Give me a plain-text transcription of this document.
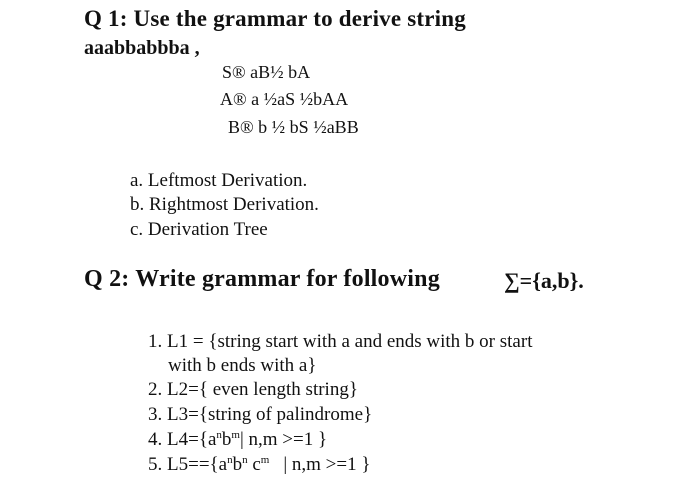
Q 1: Use the grammar to derive string
aaabbabbba ,
S® aB½ bA
A® a ½aS ½bAA
B® b ½ bS ½aBB
a. Leftmost Derivation.
b. Rightmost Derivation.
c. Derivation Tree
Q 2: Write grammar for following	∑={a,b}.
1. L1 = {string start with a and ends with b or start
with b ends with a}
2. L2={ even length string}
3. L3={string of palindrome}
4. $L4=\{a^nb^m|$ n,m >=1 }
5. $L5==\{a^nb^n$ $c^m$ | n,m >=1 }
